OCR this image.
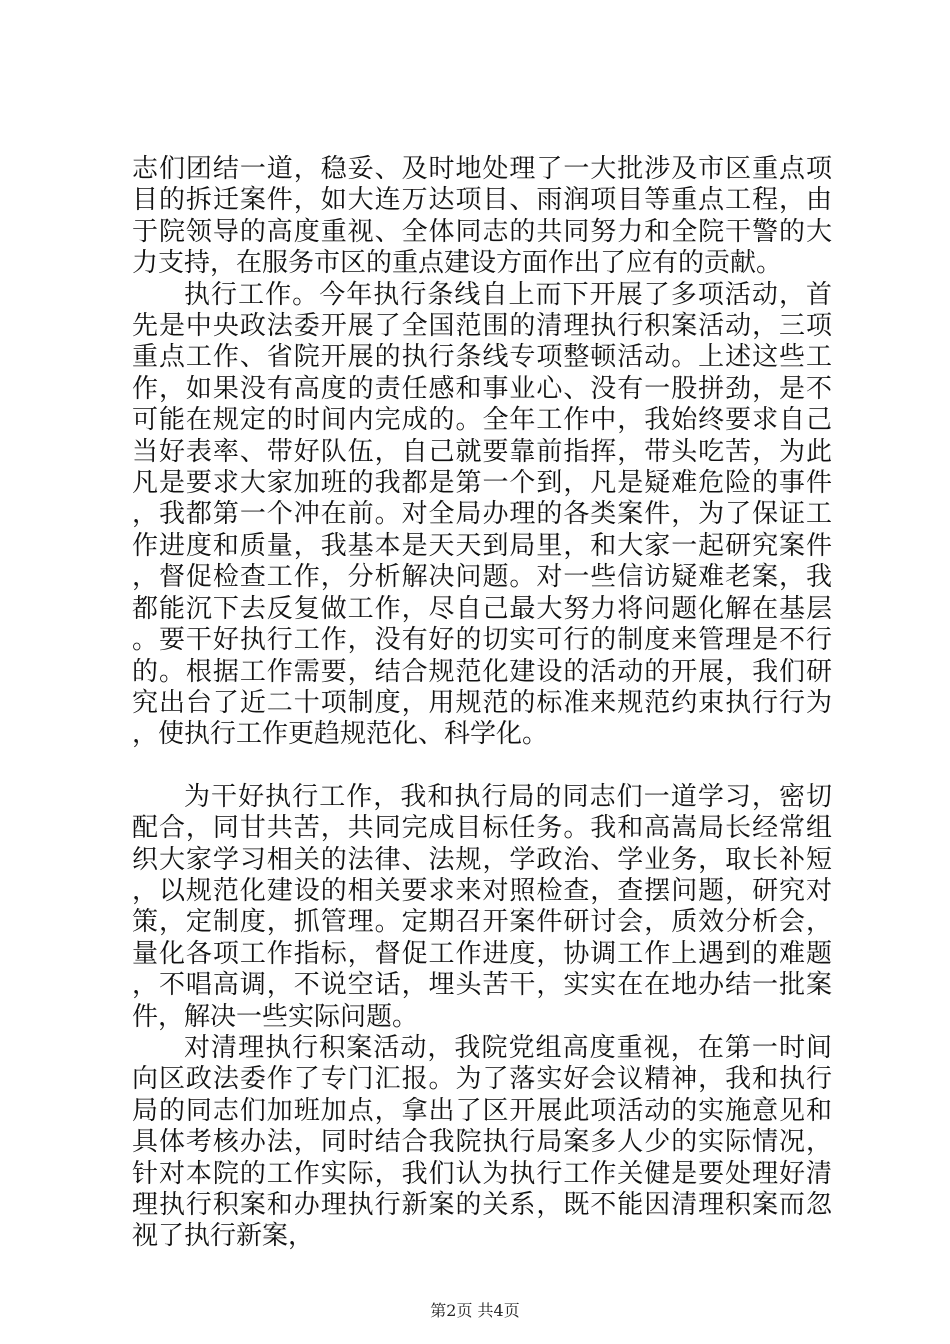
志们团结一道，稳妥、及时地处理了一大批涉及市区重点项目的拆迁案件，如大连万达项目、雨润项目等重点工程，由于院领导的高度重视、全体同志的共同努力和全院干警的大力支持，在服务市区的重点建设方面作出了应有的贡献。

执行工作。今年执行条线自上而下开展了多项活动，首先是中央政法委开展了全国范围的清理执行积案活动，三项重点工作、省院开展的执行条线专项整顿活动。上述这些工作，如果没有高度的责任感和事业心、没有一股拼劲，是不可能在规定的时间内完成的。全年工作中，我始终要求自己当好表率、带好队伍，自己就要靠前指挥，带头吃苦，为此凡是要求大家加班的我都是第一个到，凡是疑难危险的事件，我都第一个冲在前。对全局办理的各类案件，为了保证工作进度和质量，我基本是天天到局里，和大家一起研究案件，督促检查工作，分析解决问题。对一些信访疑难老案，我都能沉下去反复做工作，尽自己最大努力将问题化解在基层。要干好执行工作，没有好的切实可行的制度来管理是不行的。根据工作需要，结合规范化建设的活动的开展，我们研究出台了近二十项制度，用规范的标准来规范约束执行行为，使执行工作更趋规范化、科学化。

为干好执行工作，我和执行局的同志们一道学习，密切配合，同甘共苦，共同完成目标任务。我和高嵩局长经常组织大家学习相关的法律、法规，学政治、学业务，取长补短，以规范化建设的相关要求来对照检查，查摆问题，研究对策，定制度，抓管理。定期召开案件研讨会，质效分析会，量化各项工作指标，督促工作进度，协调工作上遇到的难题，不唱高调，不说空话，埋头苦干，实实在在地办结一批案件，解决一些实际问题。

对清理执行积案活动，我院党组高度重视，在第一时间向区政法委作了专门汇报。为了落实好会议精神，我和执行局的同志们加班加点，拿出了区开展此项活动的实施意见和具体考核办法，同时结合我院执行局案多人少的实际情况，针对本院的工作实际，我们认为执行工作关健是要处理好清理执行积案和办理执行新案的关系，既不能因清理积案而忽视了执行新案，

第2页 共4页
